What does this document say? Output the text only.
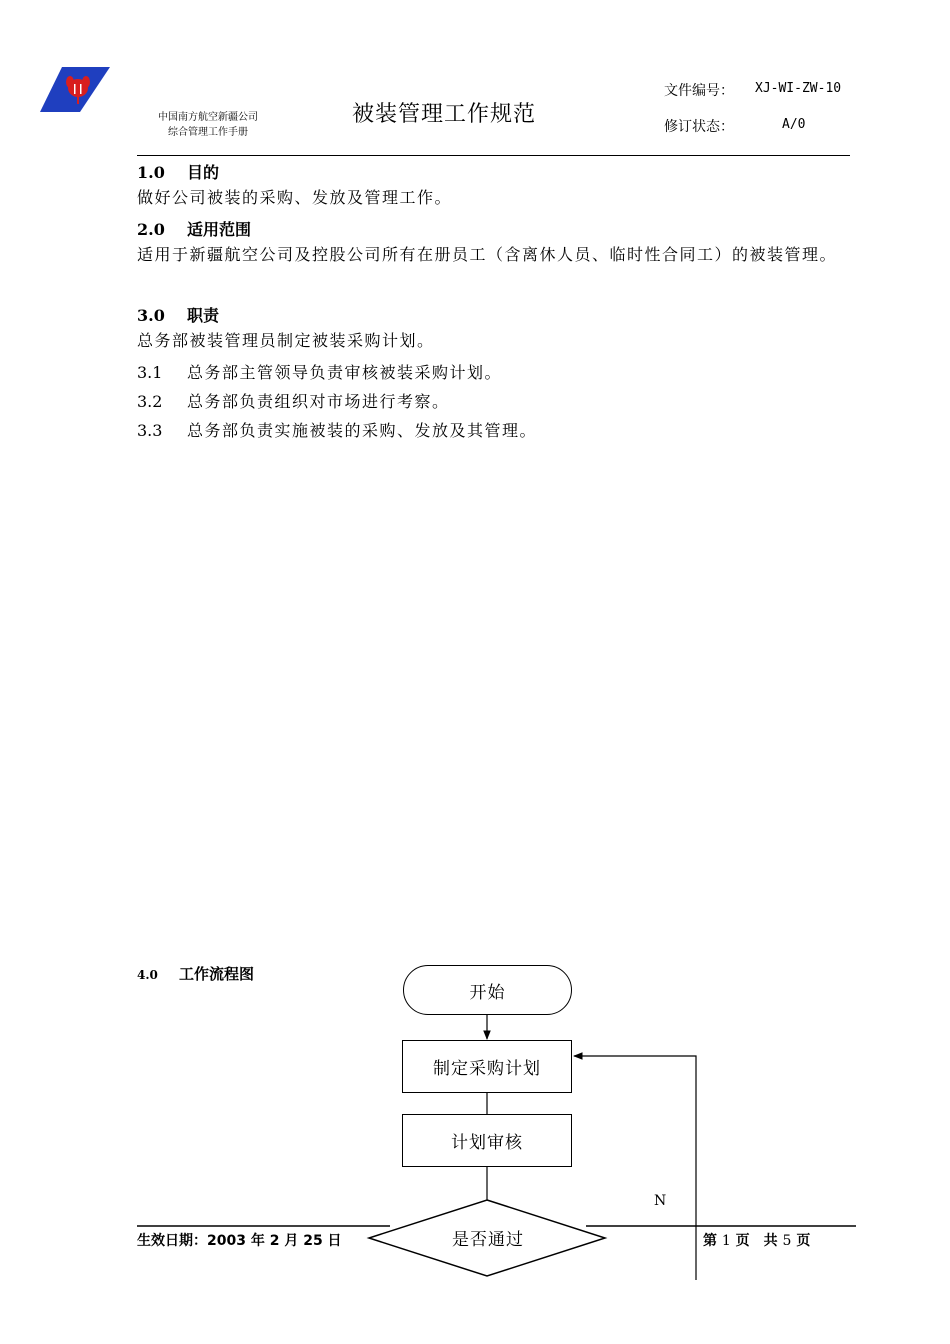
中国南方航空新疆公司
综合管理工作手册
被装管理工作规范
文件编号： XJ-WI-ZW-10
修订状态：	A/0
1.0 目的
做好公司被装的采购、发放及管理工作。
2.0 适用范围
适用于新疆航空公司及控股公司所有在册员工（含离休人员、临时性合同工）的被装管理。
3.0 职责
总务部被装管理员制定被装采购计划。
3.1 总务部主管领导负责审核被装采购计划。
3.2 总务部负责组织对市场进行考察。
3.3 总务部负责实施被装的采购、发放及其管理。
4.0 工作流程图
开始
制定采购计划
计划审核
是否通过
N
生效日期：2003 年 2 月 25 日	第 1 页　共 5 页
